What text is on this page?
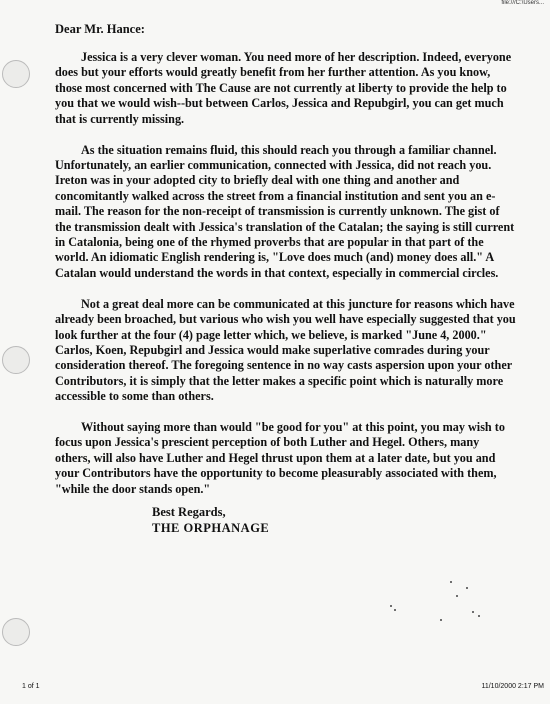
file:///C:\Users...
Dear Mr. Hance:

Jessica is a very clever woman. You need more of her description. Indeed, everyone does but your efforts would greatly benefit from her further attention. As you know, those most concerned with The Cause are not currently at liberty to provide the help to you that we would wish--but between Carlos, Jessica and Repubgirl, you can get much that is currently missing.

As the situation remains fluid, this should reach you through a familiar channel. Unfortunately, an earlier communication, connected with Jessica, did not reach you. Ireton was in your adopted city to briefly deal with one thing and another and concomitantly walked across the street from a financial institution and sent you an e-mail. The reason for the non-receipt of transmission is currently unknown. The gist of the transmission dealt with Jessica's translation of the Catalan; the saying is still current in Catalonia, being one of the rhymed proverbs that are popular in that part of the world. An idiomatic English rendering is, "Love does much (and) money does all." A Catalan would understand the words in that context, especially in commercial circles.

Not a great deal more can be communicated at this juncture for reasons which have already been broached, but various who wish you well have especially suggested that you look further at the four (4) page letter which, we believe, is marked "June 4, 2000." Carlos, Koen, Repubgirl and Jessica would make superlative comrades during your consideration thereof. The foregoing sentence in no way casts aspersion upon your other Contributors, it is simply that the letter makes a specific point which is naturally more accessible to some than others.

Without saying more than would "be good for you" at this point, you may wish to focus upon Jessica's prescient perception of both Luther and Hegel. Others, many others, will also have Luther and Hegel thrust upon them at a later date, but you and your Contributors have the opportunity to become pleasurably associated with them, "while the door stands open."

Best Regards,
THE ORPHANAGE
1 of 1	11/10/2000 2:17 PM
